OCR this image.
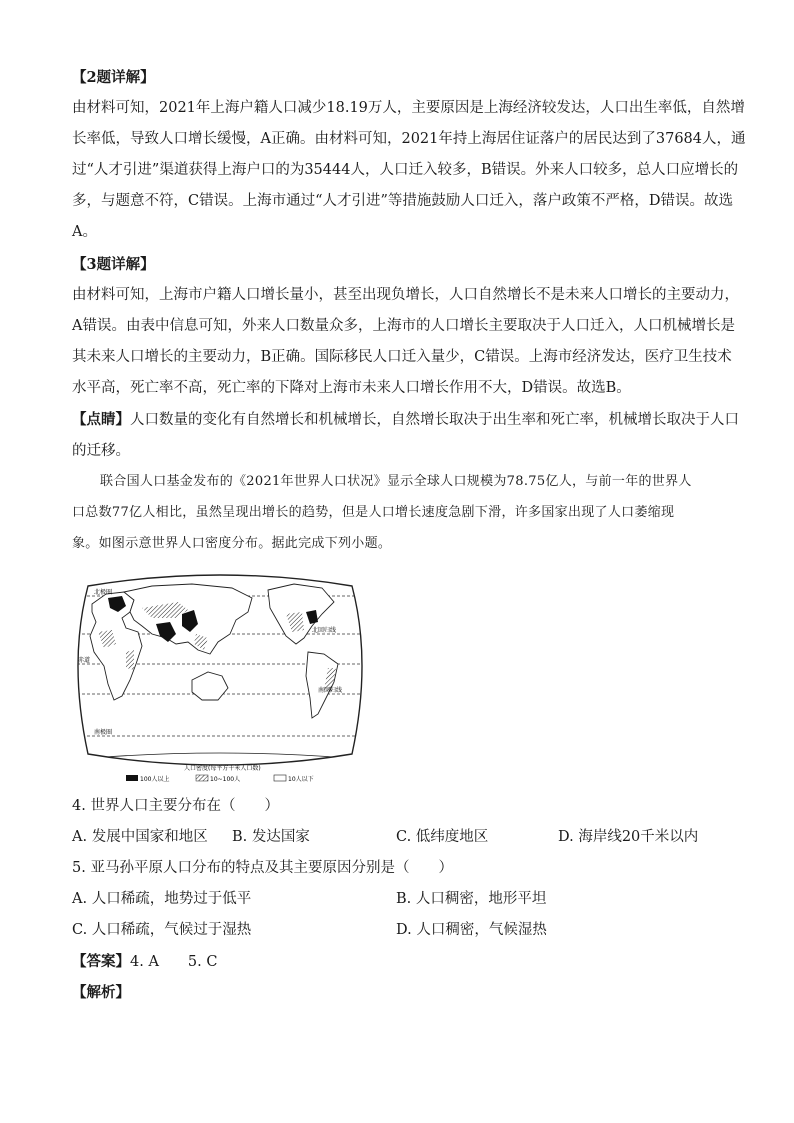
【2题详解】
由材料可知，2021年上海户籍人口减少18.19万人，主要原因是上海经济较发达，人口出生率低，自然增
长率低，导致人口增长缓慢，A正确。由材料可知，2021年持上海居住证落户的居民达到了37684人，通
过“人才引进”渠道获得上海户口的为35444人，人口迁入较多，B错误。外来人口较多，总人口应增长的
多，与题意不符，C错误。上海市通过“人才引进”等措施鼓励人口迁入，落户政策不严格，D错误。故选
A。
【3题详解】
由材料可知，上海市户籍人口增长量小，甚至出现负增长，人口自然增长不是未来人口增长的主要动力，
A错误。由表中信息可知，外来人口数量众多，上海市的人口增长主要取决于人口迁入，人口机械增长是
其未来人口增长的主要动力，B正确。国际移民人口迁入量少，C错误。上海市经济发达，医疗卫生技术
水平高，死亡率不高，死亡率的下降对上海市未来人口增长作用不大，D错误。故选B。
【点睛】人口数量的变化有自然增长和机械增长，自然增长取决于出生率和死亡率，机械增长取决于人口
的迁移。
联合国人口基金发布的《2021年世界人口状况》显示全球人口规模为78.75亿人，与前一年的世界人
口总数77亿人相比，虽然呈现出增长的趋势，但是人口增长速度急剧下滑，许多国家出现了人口萎缩现
象。如图示意世界人口密度分布。据此完成下列小题。
北极圈
北回归线
赤道
南回归线
南极圈
人口密度(每平方千米人口数)
100人以上	10~100人	10人以下
4. 世界人口主要分布在（　　）
A. 发展中国家和地区 B. 发达国家	C. 低纬度地区	D. 海岸线20千米以内
5. 亚马孙平原人口分布的特点及其主要原因分别是（　　）
A. 人口稀疏，地势过于低平	B. 人口稠密，地形平坦
C. 人口稀疏，气候过于湿热	D. 人口稠密，气候湿热
【答案】4. A　　5. C
【解析】
